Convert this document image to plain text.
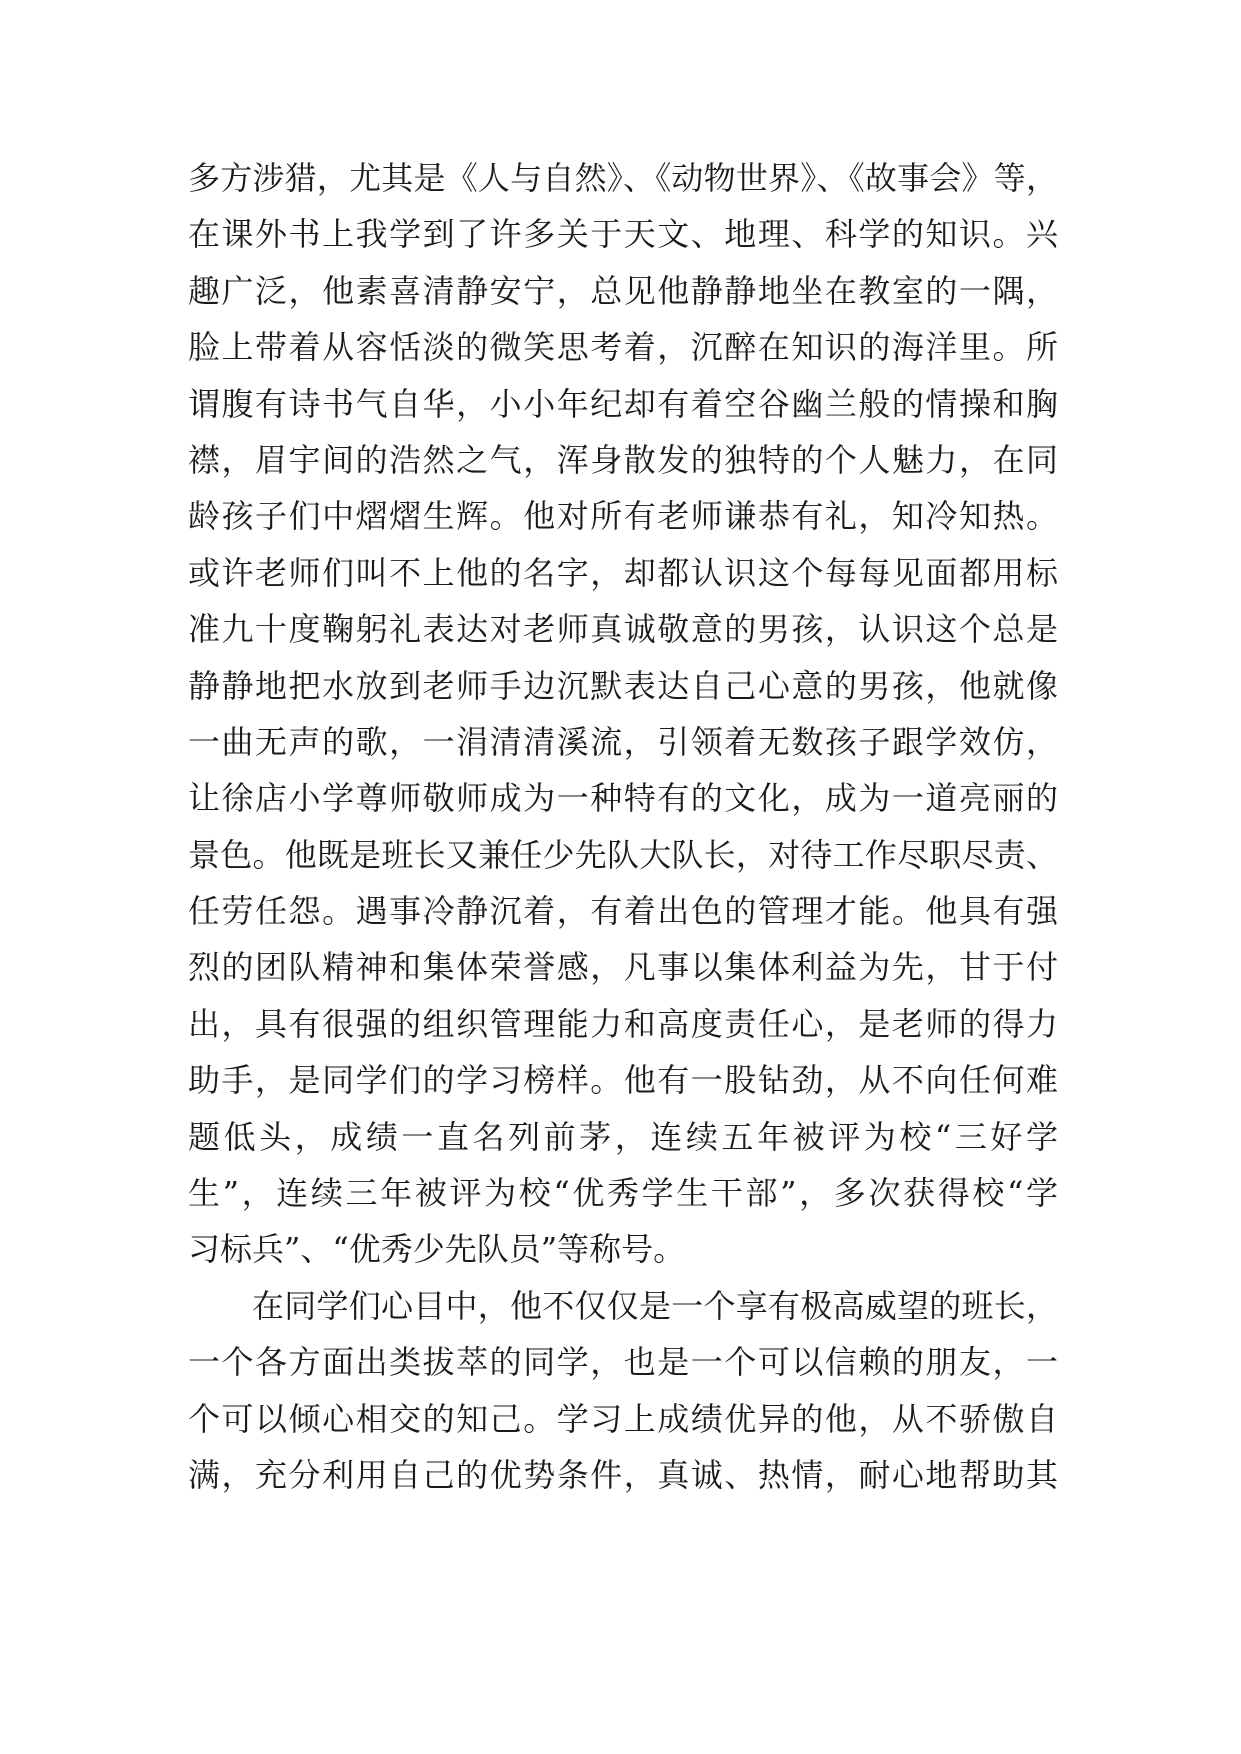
多方涉猎，尤其是《人与自然》、《动物世界》、《故事会》等，
在课外书上我学到了许多关于天文、地理、科学的知识。兴
趣广泛，他素喜清静安宁，总见他静静地坐在教室的一隅，
脸上带着从容恬淡的微笑思考着，沉醉在知识的海洋里。所
谓腹有诗书气自华，小小年纪却有着空谷幽兰般的情操和胸
襟，眉宇间的浩然之气，浑身散发的独特的个人魅力，在同
龄孩子们中熠熠生辉。他对所有老师谦恭有礼，知冷知热。
或许老师们叫不上他的名字，却都认识这个每每见面都用标
准九十度鞠躬礼表达对老师真诚敬意的男孩，认识这个总是
静静地把水放到老师手边沉默表达自己心意的男孩，他就像
一曲无声的歌，一涓清清溪流，引领着无数孩子跟学效仿，
让徐店小学尊师敬师成为一种特有的文化，成为一道亮丽的
景色。他既是班长又兼任少先队大队长，对待工作尽职尽责、
任劳任怨。遇事冷静沉着，有着出色的管理才能。他具有强
烈的团队精神和集体荣誉感，凡事以集体利益为先，甘于付
出，具有很强的组织管理能力和高度责任心，是老师的得力
助手，是同学们的学习榜样。他有一股钻劲，从不向任何难
题低头，成绩一直名列前茅，连续五年被评为校“三好学
生”，连续三年被评为校“优秀学生干部”，多次获得校“学
习标兵”、“优秀少先队员”等称号。
在同学们心目中，他不仅仅是一个享有极高威望的班长，
一个各方面出类拔萃的同学，也是一个可以信赖的朋友，一
个可以倾心相交的知己。学习上成绩优异的他，从不骄傲自
满，充分利用自己的优势条件，真诚、热情，耐心地帮助其
